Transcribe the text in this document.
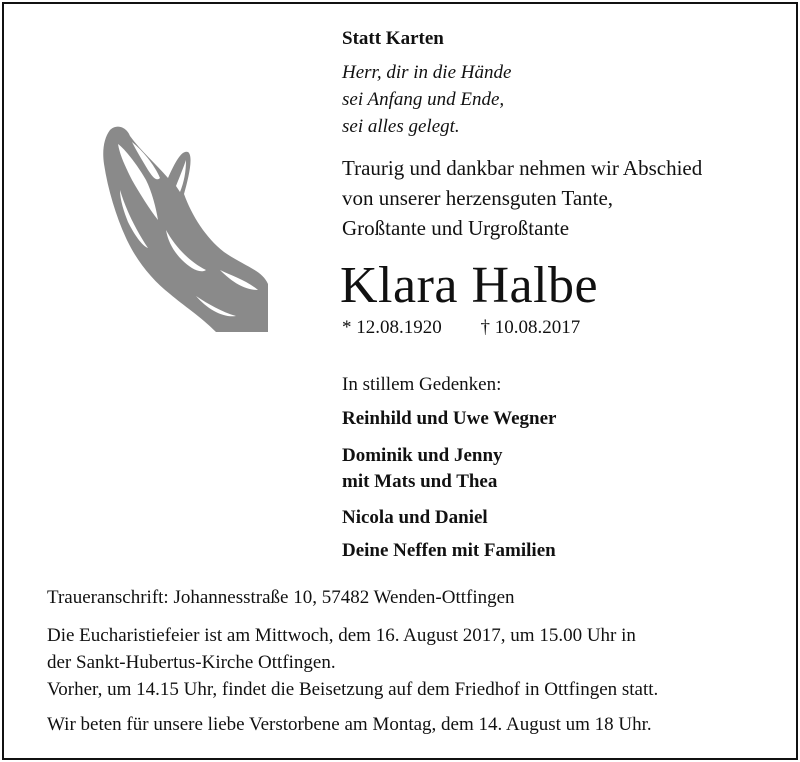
Statt Karten
Herr, dir in die Hände
sei Anfang und Ende,
sei alles gelegt.
Traurig und dankbar nehmen wir Abschied
von unserer herzensguten Tante,
Großtante und Urgroßtante
Klara Halbe
* 12.08.1920 † 10.08.2017
In stillem Gedenken:
Reinhild und Uwe Wegner
Dominik und Jenny
mit Mats und Thea
Nicola und Daniel
Deine Neffen mit Familien
Traueranschrift: Johannesstraße 10, 57482 Wenden-Ottfingen
Die Eucharistiefeier ist am Mittwoch, dem 16. August 2017, um 15.00 Uhr in
der Sankt-Hubertus-Kirche Ottfingen.
Vorher, um 14.15 Uhr, findet die Beisetzung auf dem Friedhof in Ottfingen statt.
Wir beten für unsere liebe Verstorbene am Montag, dem 14. August um 18 Uhr.
